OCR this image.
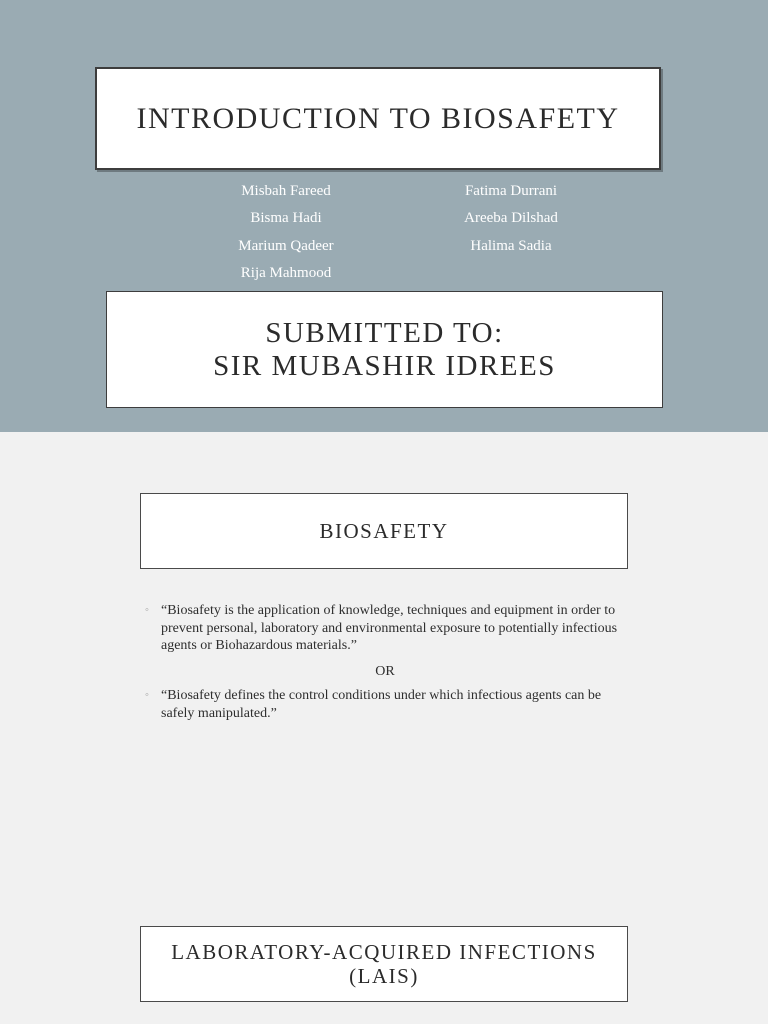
INTRODUCTION TO BIOSAFETY
Misbah Fareed
Bisma Hadi
Marium Qadeer
Rija Mahmood
Fatima Durrani
Areeba Dilshad
Halima Sadia
SUBMITTED TO:
SIR MUBASHIR IDREES
BIOSAFETY
◦ “Biosafety is the application of knowledge, techniques and equipment in order to prevent personal, laboratory and environmental exposure to potentially infectious agents or Biohazardous materials.”
OR
◦ “Biosafety defines the control conditions under which infectious agents can be safely manipulated.”
LABORATORY-ACQUIRED INFECTIONS
(LAIS)
